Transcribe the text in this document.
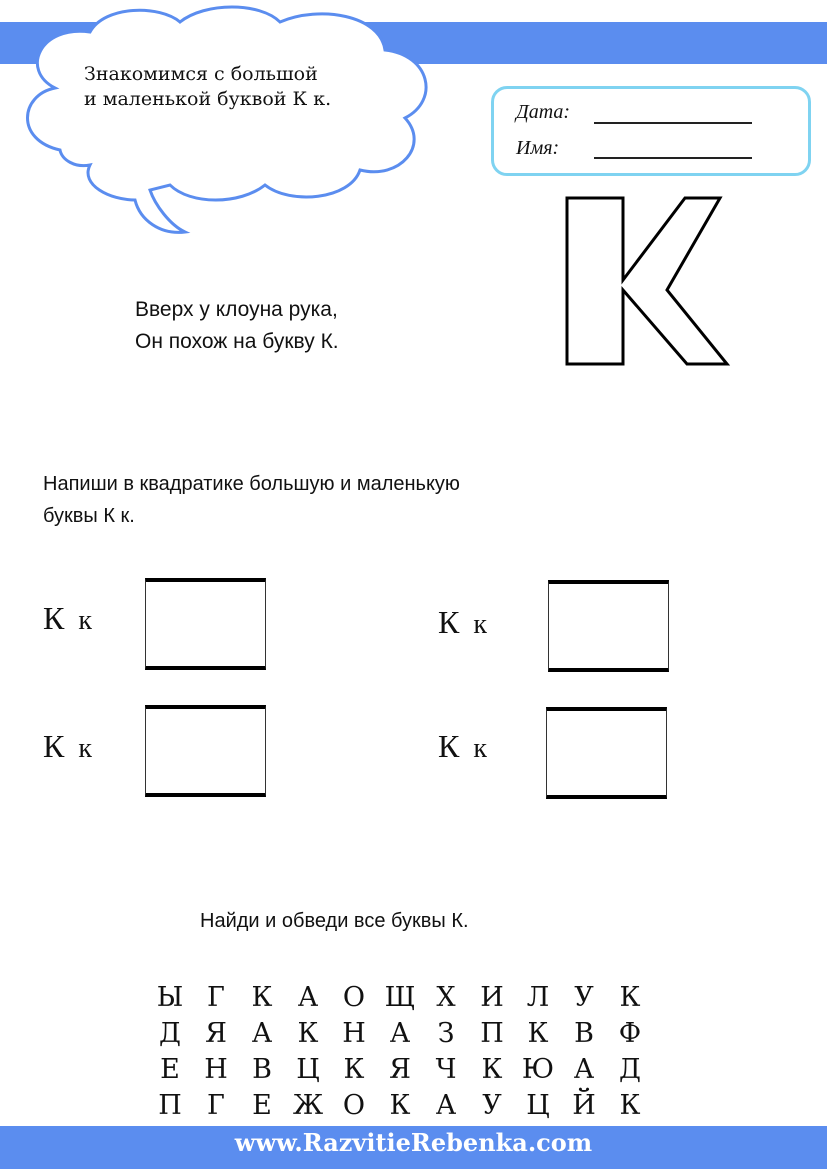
Знакомимся с большой
и маленькой буквой К к.
Дата:
Имя:
Вверх у клоуна рука,
Он похож на букву К.
Напиши в квадратике большую и маленькую
буквы К к.
К к	К к
К к	К к
Найди и обведи все буквы К.
Ы Г К А О Щ Х И Л У К
Д Я А К Н А	З П К В Ф
Е Н В Ц К Я Ч К Ю А Д
П Г	Е Ж О К А У Ц Й К
www.RazvitieRebenka.com
